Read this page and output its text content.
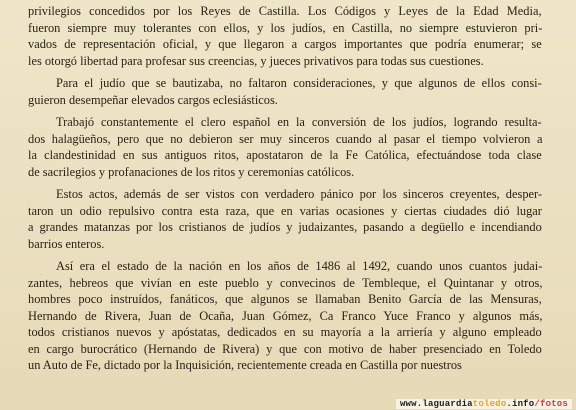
privilegios concedidos por los Reyes de Castilla. Los Códigos y Leyes de la Edad Media,
fueron siempre muy tolerantes con ellos, y los judíos, en Castilla, no siempre estuvieron pri-
vados de representación oficial, y que llegaron a cargos importantes que podría enumerar; se
les otorgó libertad para profesar sus creencias, y jueces privativos para todas sus cuestiones.
Para el judío que se bautizaba, no faltaron consideraciones, y que algunos de ellos consi-
guieron desempeñar elevados cargos eclesiásticos.
Trabajó constantemente el clero español en la conversión de los judíos, logrando resulta-
dos halagüeños, pero que no debieron ser muy sinceros cuando al pasar el tiempo volvieron a
la clandestinidad en sus antiguos ritos, apostataron de la Fe Católica, efectuándose toda clase
de sacrilegios y profanaciones de los ritos y ceremonias católicos.
Estos actos, además de ser vistos con verdadero pánico por los sinceros creyentes, desper-
taron un odio repulsivo contra esta raza, que en varias ocasiones y ciertas ciudades dió lugar
a grandes matanzas por los cristianos de judíos y judaizantes, pasando a degüello e incendiando
barrios enteros.
Así era el estado de la nación en los años de 1486 al 1492, cuando unos cuantos judai-
zantes, hebreos que vivían en este pueblo y convecinos de Tembleque, el Quintanar y otros,
hombres poco instruídos, fanáticos, que algunos se llamaban Benito García de las Mensuras,
Hernando de Rivera, Juan de Ocaña, Juan Gómez, Ca Franco Yuce Franco y algunos más,
todos cristianos nuevos y apóstatas, dedicados en su mayoría a la arriería y alguno empleado
en cargo burocrático (Hernando de Rivera) y que con motivo de haber presenciado en Toledo
un Auto de Fe, dictado por la Inquisición, recientemente creada en Castilla por nuestros
www.laguardiatoledo.info/fotos
